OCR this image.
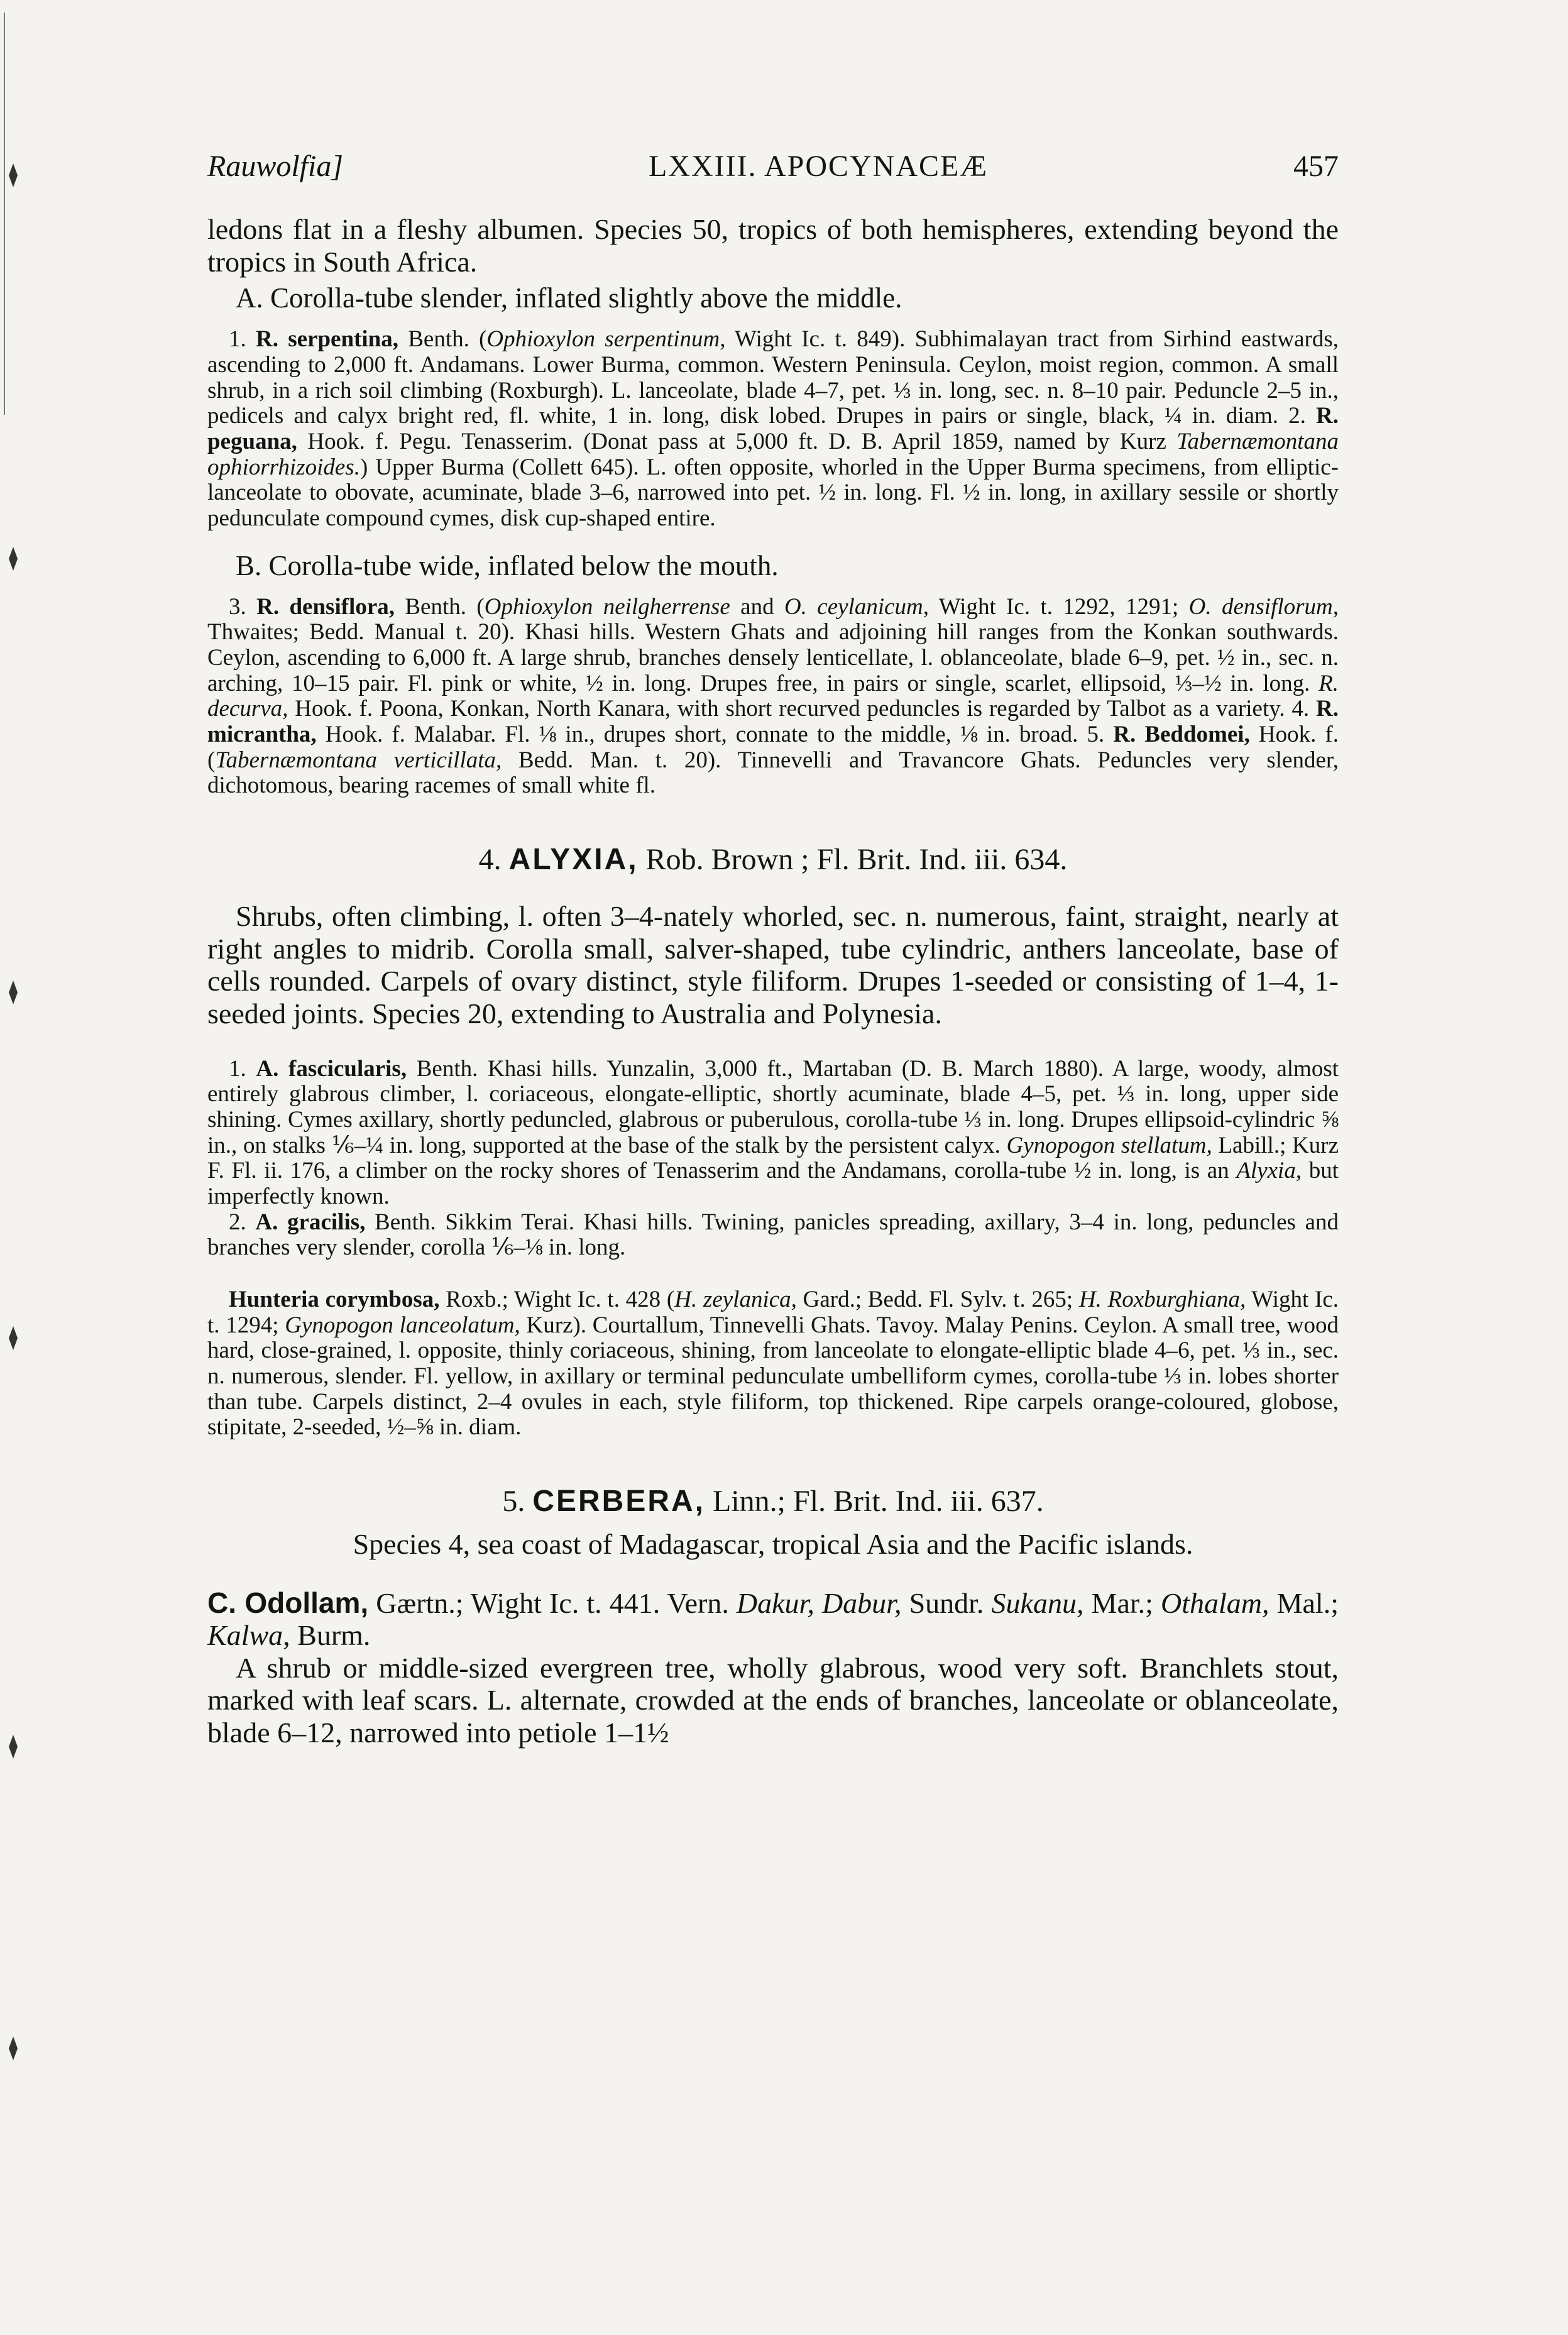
Rauwolfia]	LXXIII. APOCYNACEÆ	457

ledons flat in a fleshy albumen. Species 50, tropics of both hemispheres, extending beyond the tropics in South Africa.

A. Corolla-tube slender, inflated slightly above the middle.

1. R. serpentina, Benth. (Ophioxylon serpentinum, Wight Ic. t. 849). Subhimalayan tract from Sirhind eastwards, ascending to 2,000 ft. Andamans. Lower Burma, common. Western Peninsula. Ceylon, moist region, common. A small shrub, in a rich soil climbing (Roxburgh). L. lanceolate, blade 4–7, pet. ⅓ in. long, sec. n. 8–10 pair. Peduncle 2–5 in., pedicels and calyx bright red, fl. white, 1 in. long, disk lobed. Drupes in pairs or single, black, ¼ in. diam. 2. R. peguana, Hook. f. Pegu. Tenasserim. (Donat pass at 5,000 ft. D. B. April 1859, named by Kurz Tabernæmontana ophiorrhizoides.) Upper Burma (Collett 645). L. often opposite, whorled in the Upper Burma specimens, from elliptic-lanceolate to obovate, acuminate, blade 3–6, narrowed into pet. ½ in. long. Fl. ½ in. long, in axillary sessile or shortly pedunculate compound cymes, disk cup-shaped entire.

B. Corolla-tube wide, inflated below the mouth.

3. R. densiflora, Benth. (Ophioxylon neilgherrense and O. ceylanicum, Wight Ic. t. 1292, 1291; O. densiflorum, Thwaites; Bedd. Manual t. 20). Khasi hills. Western Ghats and adjoining hill ranges from the Konkan southwards. Ceylon, ascending to 6,000 ft. A large shrub, branches densely lenticellate, l. oblanceolate, blade 6–9, pet. ½ in., sec. n. arching, 10–15 pair. Fl. pink or white, ½ in. long. Drupes free, in pairs or single, scarlet, ellipsoid, ⅓–½ in. long. R. decurva, Hook. f. Poona, Konkan, North Kanara, with short recurved peduncles is regarded by Talbot as a variety. 4. R. micrantha, Hook. f. Malabar. Fl. ⅛ in., drupes short, connate to the middle, ⅛ in. broad. 5. R. Beddomei, Hook. f. (Tabernæmontana verticillata, Bedd. Man. t. 20). Tinnevelli and Travancore Ghats. Peduncles very slender, dichotomous, bearing racemes of small white fl.

4. ALYXIA, Rob. Brown ; Fl. Brit. Ind. iii. 634.

Shrubs, often climbing, l. often 3–4-nately whorled, sec. n. numerous, faint, straight, nearly at right angles to midrib. Corolla small, salver-shaped, tube cylindric, anthers lanceolate, base of cells rounded. Carpels of ovary distinct, style filiform. Drupes 1-seeded or consisting of 1–4, 1-seeded joints. Species 20, extending to Australia and Polynesia.

1. A. fascicularis, Benth. Khasi hills. Yunzalin, 3,000 ft., Martaban (D. B. March 1880). A large, woody, almost entirely glabrous climber, l. coriaceous, elongate-elliptic, shortly acuminate, blade 4–5, pet. ⅓ in. long, upper side shining. Cymes axillary, shortly peduncled, glabrous or puberulous, corolla-tube ⅓ in. long. Drupes ellipsoid-cylindric ⅝ in., on stalks ⅙–¼ in. long, supported at the base of the stalk by the persistent calyx. Gynopogon stellatum, Labill.; Kurz F. Fl. ii. 176, a climber on the rocky shores of Tenasserim and the Andamans, corolla-tube ½ in. long, is an Alyxia, but imperfectly known.

2. A. gracilis, Benth. Sikkim Terai. Khasi hills. Twining, panicles spreading, axillary, 3–4 in. long, peduncles and branches very slender, corolla ⅙–⅛ in. long.

Hunteria corymbosa, Roxb.; Wight Ic. t. 428 (H. zeylanica, Gard.; Bedd. Fl. Sylv. t. 265; H. Roxburghiana, Wight Ic. t. 1294; Gynopogon lanceolatum, Kurz). Courtallum, Tinnevelli Ghats. Tavoy. Malay Penins. Ceylon. A small tree, wood hard, close-grained, l. opposite, thinly coriaceous, shining, from lanceolate to elongate-elliptic blade 4–6, pet. ⅓ in., sec. n. numerous, slender. Fl. yellow, in axillary or terminal pedunculate umbelliform cymes, corolla-tube ⅓ in. lobes shorter than tube. Carpels distinct, 2–4 ovules in each, style filiform, top thickened. Ripe carpels orange-coloured, globose, stipitate, 2-seeded, ½–⅝ in. diam.

5. CERBERA, Linn.; Fl. Brit. Ind. iii. 637.

Species 4, sea coast of Madagascar, tropical Asia and the Pacific islands.

C. Odollam, Gærtn.; Wight Ic. t. 441. Vern. Dakur, Dabur, Sundr. Sukanu, Mar.; Othalam, Mal.; Kalwa, Burm.

A shrub or middle-sized evergreen tree, wholly glabrous, wood very soft. Branchlets stout, marked with leaf scars. L. alternate, crowded at the ends of branches, lanceolate or oblanceolate, blade 6–12, narrowed into petiole 1–1½
